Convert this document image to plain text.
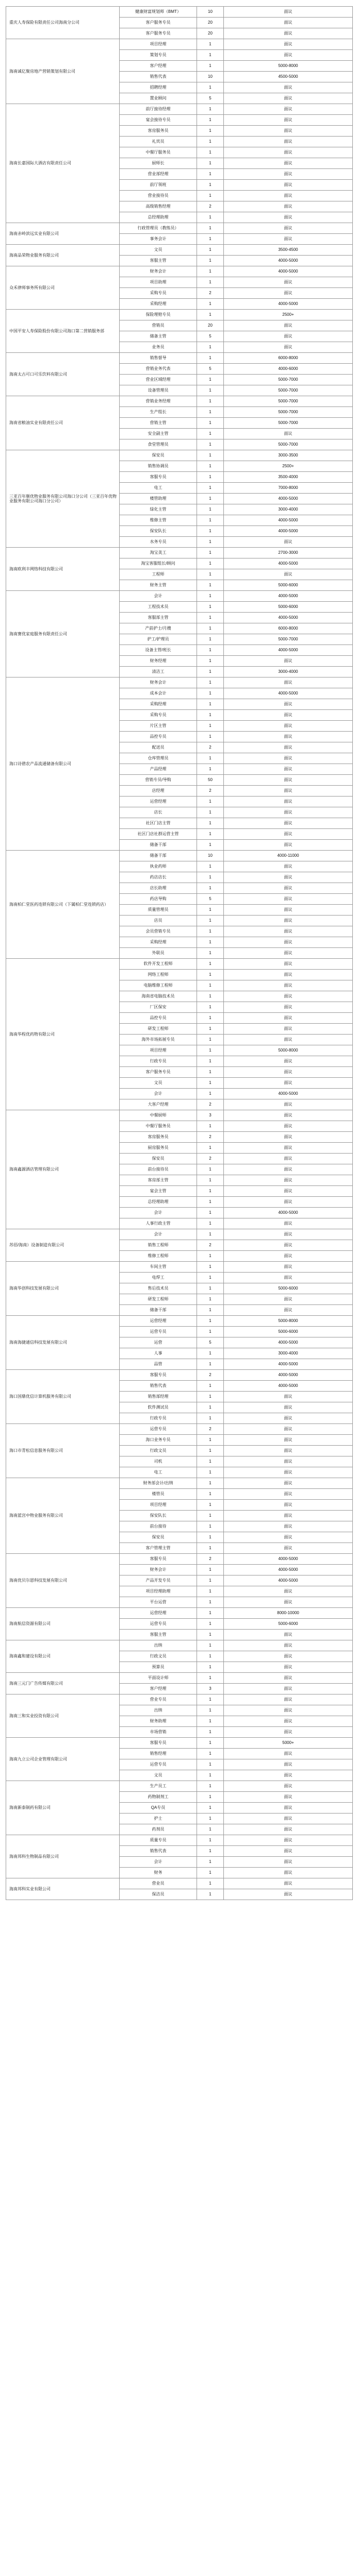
重庆人寿保险有限责任公司海南分公司	健康财富规划师（BMT）	10	面议
	客户服务专员	20	面议
	客户服务专员	20	面议
海南诚亿聚房地产营销策划有限公司	项目经理	1	面议
	策划专员	1	面议
	客户经理	1	5000-8000
	销售代表	10	4500-5000
	招聘经理	1	面议
	置业顾问	5	面议
海南长嘉国际大酒店有限责任公司	前厅接待经理	1	面议
	宴会接待专员	1	面议
	客房服务员	1	面议
	礼宾员	1	面议
	中餐厅服务员	1	面议
	厨师长	1	面议
	营业部经理	1	面议
	前厅领班	1	面议
	营业接待员	1	面议
	高级销售经理	2	面议
	总经理助理	1	面议
海南赤岭滨远实业有限公司	行政管理员（教练员）	1	面议
	事务会计	1	面议
海南品荣物业服务有限公司	文员	1	3500-4500
	客服主管	1	4000-5000
众禾律师事务所有限公司	财务会计	1	4000-5000
	项目助理	1	面议
	采购专员	2	面议
	采购经理	1	4000-5000
中国平安人寿保险股份有限公司海口第二营销服务部	保险理赔专员	1	2500+
	营销员	20	面议
	储备主管	5	面议
	业务员	1	面议
海南太古可口可乐饮料有限公司	销售督导	1	6000-8000
	营销业务代表	5	4000-6000
	营业区域经理	1	5000-7000
	设备管理员	1	5000-7000
海南省粮油实业有限责任公司	营销业务经理	1	5000-7000
	生产组长	1	5000-7000
	营销主管	1	5000-7000
	安全副主管	1	面议
	食堂管理员	1	5000-7000
三亚百年顺优物业服务有限公司海口分公司（三亚百年优物业服务有限公司海口分公司）	保安员	1	3000-3500
	销售协调员	1	2500+
	客服专员	1	3500-4000
	电工	1	7000-8000
	楼管助理	1	4000-5000
	绿化主管	1	3000-4000
	维修主管	1	4000-5000
	保安队长	1	4000-5000
	水务专员	1	面议
海南欧利丰网络科技有限公司	淘宝美工	1	2700-3000
	淘宝客服组长/顾问	1	4000-5000
	工程师	1	面议
	财务主管	1	5000-6000
海南赛优家庭服务有限责任公司	会计	1	4000-5000
	工程技术员	1	5000-6000
	客服部主管	1	4000-5000
	产前护士/月嫂	1	6000-8000
	护工/护理员	1	5000-7000
	设备主管/班长	1	4000-5000
	财务经理	1	面议
	清洁工	1	3000-4000
海口诗碧农产品流通储备有限公司	财务会计	1	面议
	成本会计	1	4000-5000
	采购经理	1	面议
	采购专员	1	面议
	片区主管	1	面议
	品控专员	1	面议
	配送员	2	面议
	仓库管理员	1	面议
	产品经理	1	面议
	营销专员/导购	50	面议
	店经理	2	面议
	运营经理	1	面议
	店长	1	面议
	社区门店主管	1	面议
	社区门店社群运营主管	1	面议
	储备干部	1	面议
海南柏仁堂医药连锁有限公司（下属柏仁堂连锁药店）	储备干部	10	4000-11000
	执业药师	1	面议
	药店店长	1	面议
	店长助理	1	面议
	药店导购	5	面议
	质量管理员	1	面议
	店员	1	面议
	会员营销专员	1	面议
	采购经理	1	面议
	外联员	1	面议
海南华程优药物有限公司	软件开发工程师	1	面议
	网络工程师	1	面议
	电脑维修工程师	1	面议
	海南省电脑技术员	1	面议
	厂区保安	1	面议
	品控专员	1	面议
	研发工程师	1	面议
	海外市场拓展专员	1	面议
	项目经理	1	5000-8000
	行政专员	1	面议
	客户服务专员	1	面议
	文员	1	面议
	会计	1	4000-5000
	大客户经理	2	面议
海南鑫源酒店管理有限公司	中餐厨师	3	面议
	中餐厅服务员	1	面议
	客房服务员	2	面议
	厨房服务员	1	面议
	保安员	2	面议
	前台接待员	1	面议
	客房部主管	1	面议
	宴会主管	1	面议
	总经理助理	1	面议
	会计	1	4000-5000
	人事行政主管	1	面议
苏佰/海南）设备制造有限公司	会计	1	面议
	销售工程师	2	面议
	维修工程师	1	面议
海南华创科技发展有限公司	车间主管	1	面议
	电焊工	1	面议
	售后技术员	1	5000-6000
	研发工程师	1	面议
	储备干部	1	面议
海南海捷通信科技发展有限公司	运营经理	1	5000-8000
	运营专员	1	5000-6000
	运营	5	4000-5000
	人事	1	3000-4000
	品管	1	4000-5000
海口国鼎优信计算机服务有限公司	客服专员	2	4000-5000
	销售代表	1	4000-5000
	销售部经理	1	面议
	软件测试员	1	面议
	行政专员	1	面议
海口市青松信息服务有限公司	运营专员	2	面议
	海口业务专员	1	面议
	行政文员	1	面议
	司机	1	面议
	电工	1	面议
海南蓝宫中物业服务有限公司	财务部会计/出纳	1	面议
	楼管员	1	面议
	项目经理	1	面议
	保安队长	1	面议
	前台接待	1	面议
	保安员	1	面议
	客户管理主管	1	面议
海南优贝尔恩科技发展有限公司	客服专员	2	4000-5000
	财务会计	1	4000-5000
	产品开发专员	1	4000-5000
	项目经理助理	1	面议
	平台运营	1	面议
海南航信资源有限公司	运营经理	1	8000-10000
	运营专员	1	5000-6000
	客服主管	1	面议
海南鑫和建设有限公司	出纳	1	面议
	行政文员	1	面议
	预算员	1	面议
海南三元门广告传媒有限公司	平面设计师	1	面议
	客户经理	3	面议
海南三和实业投资有限公司	营业专员	1	面议
	出纳	1	面议
	财务助理	1	面议
	市场营销	1	面议
海南九立公司企业管理有限公司	客服专员	1	5000+
	销售经理	1	面议
	运营专员	1	面议
	文员	1	面议
海南新泰制药有限公司	生产员工	1	面议
	药物制剂工	1	面议
	QA专员	1	面议
	护士	1	面议
	药剂员	1	面议
海南邦科生物制品有限公司	质量专员	1	面议
	销售代表	1	面议
	会计	1	面议
	财务	1	面议
海南邦科实业有限公司	营业员	1	面议
	保洁员	1	面议
